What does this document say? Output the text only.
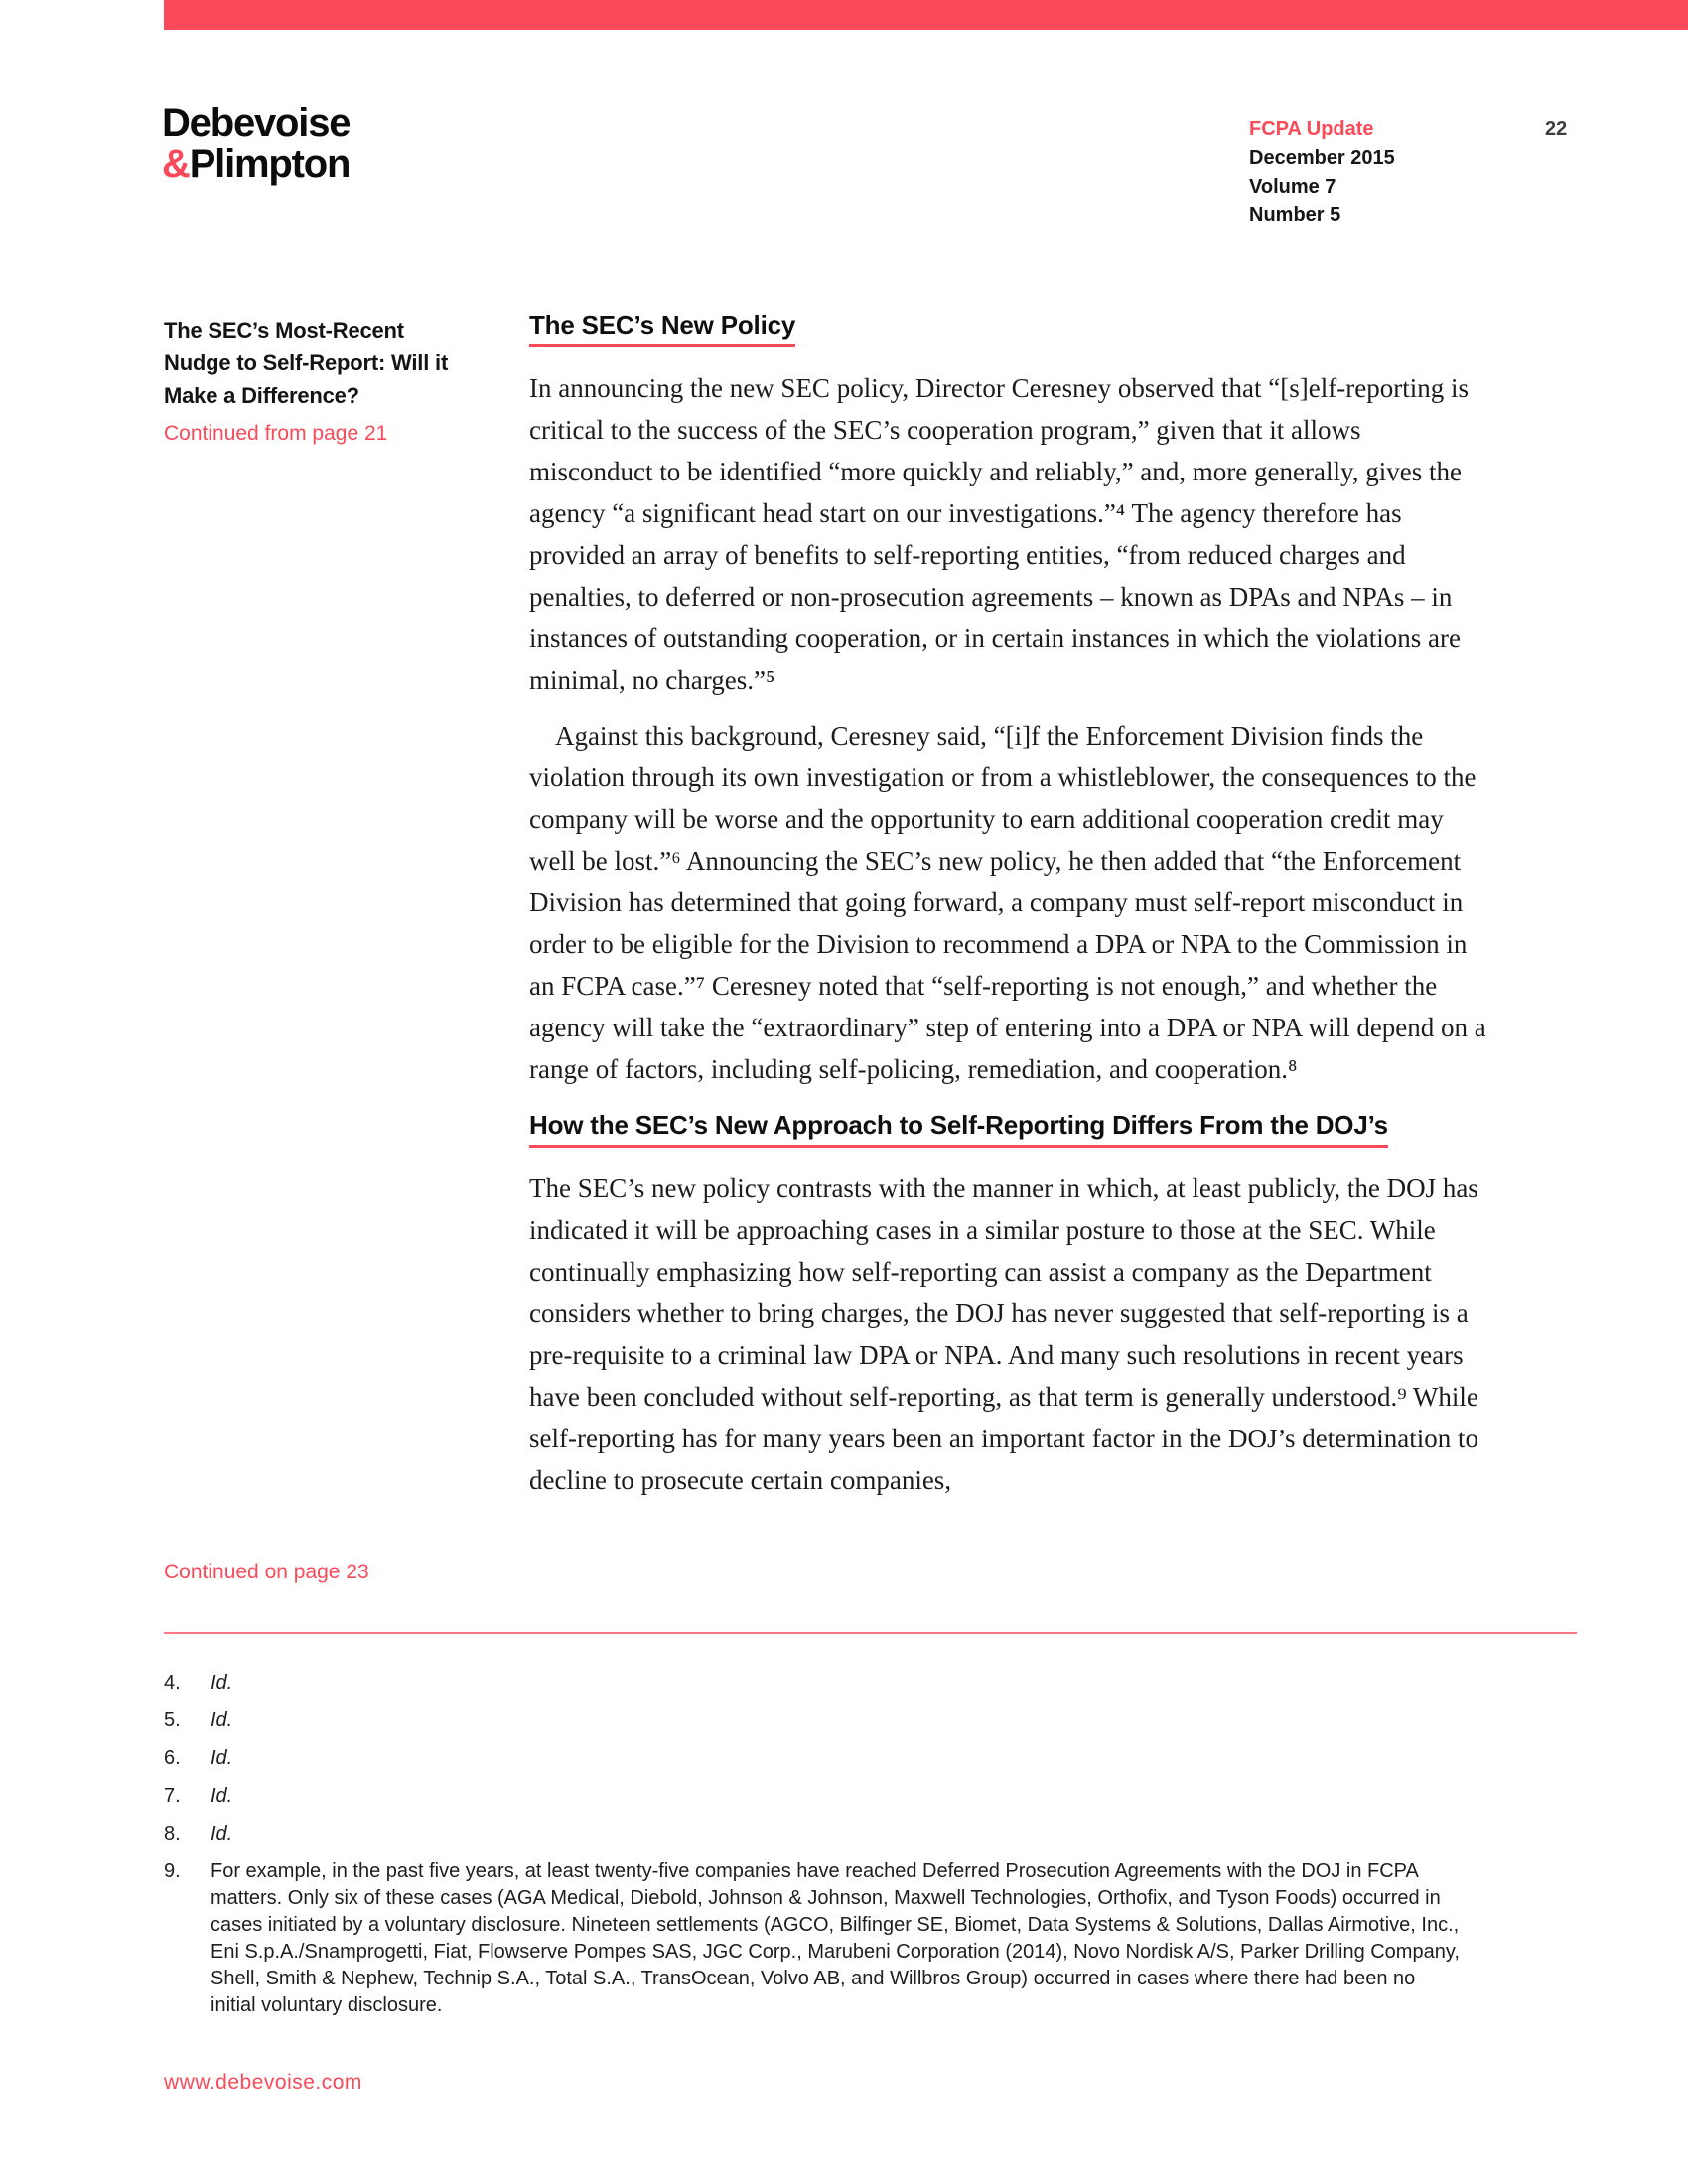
Debevoise
&Plimpton
FCPA Update
December 2015
Volume 7
Number 5
22
The SEC’s Most-Recent Nudge to Self-Report: Will it Make a Difference?
Continued from page 21
The SEC’s New Policy

In announcing the new SEC policy, Director Ceresney observed that “[s]elf-reporting is critical to the success of the SEC’s cooperation program,” given that it allows misconduct to be identified “more quickly and reliably,” and, more generally, gives the agency “a significant head start on our investigations.”⁴ The agency therefore has provided an array of benefits to self-reporting entities, “from reduced charges and penalties, to deferred or non-prosecution agreements – known as DPAs and NPAs – in instances of outstanding cooperation, or in certain instances in which the violations are minimal, no charges.”⁵

Against this background, Ceresney said, “[i]f the Enforcement Division finds the violation through its own investigation or from a whistleblower, the consequences to the company will be worse and the opportunity to earn additional cooperation credit may well be lost.”⁶ Announcing the SEC’s new policy, he then added that “the Enforcement Division has determined that going forward, a company must self-report misconduct in order to be eligible for the Division to recommend a DPA or NPA to the Commission in an FCPA case.”⁷ Ceresney noted that “self-reporting is not enough,” and whether the agency will take the “extraordinary” step of entering into a DPA or NPA will depend on a range of factors, including self-policing, remediation, and cooperation.⁸

How the SEC’s New Approach to Self-Reporting Differs From the DOJ’s

The SEC’s new policy contrasts with the manner in which, at least publicly, the DOJ has indicated it will be approaching cases in a similar posture to those at the SEC. While continually emphasizing how self-reporting can assist a company as the Department considers whether to bring charges, the DOJ has never suggested that self-reporting is a pre-requisite to a criminal law DPA or NPA. And many such resolutions in recent years have been concluded without self-reporting, as that term is generally understood.⁹ While self-reporting has for many years been an important factor in the DOJ’s determination to decline to prosecute certain companies,

Continued on page 23
4.	Id.
5.	Id.
6.	Id.
7.	Id.
8.	Id.
9.	For example, in the past five years, at least twenty-five companies have reached Deferred Prosecution Agreements with the DOJ in FCPA matters. Only six of these cases (AGA Medical, Diebold, Johnson & Johnson, Maxwell Technologies, Orthofix, and Tyson Foods) occurred in cases initiated by a voluntary disclosure. Nineteen settlements (AGCO, Bilfinger SE, Biomet, Data Systems & Solutions, Dallas Airmotive, Inc., Eni S.p.A./Snamprogetti, Fiat, Flowserve Pompes SAS, JGC Corp., Marubeni Corporation (2014), Novo Nordisk A/S, Parker Drilling Company, Shell, Smith & Nephew, Technip S.A., Total S.A., TransOcean, Volvo AB, and Willbros Group) occurred in cases where there had been no initial voluntary disclosure.
www.debevoise.com
